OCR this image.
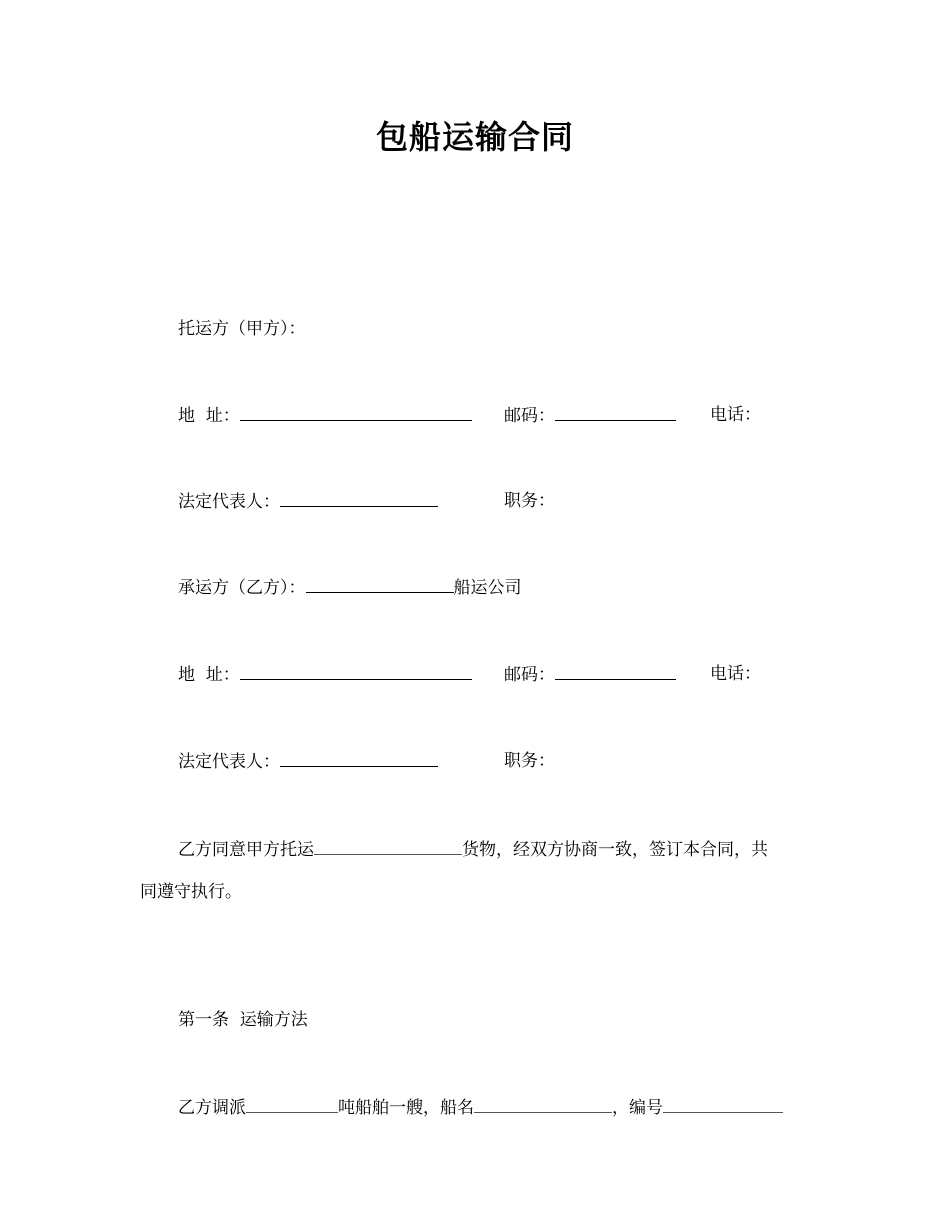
包船运输合同
托运方（甲方）：
地  址：	邮码：	电话：
法定代表人：	职务：
承运方（乙方）：	船运公司
地  址：	邮码：	电话：
法定代表人：	职务：
乙方同意甲方托运	货物，经双方协商一致，签订本合同，共
同遵守执行。
第一条  运输方法
乙方调派	吨船舶一艘，船名	，编号
